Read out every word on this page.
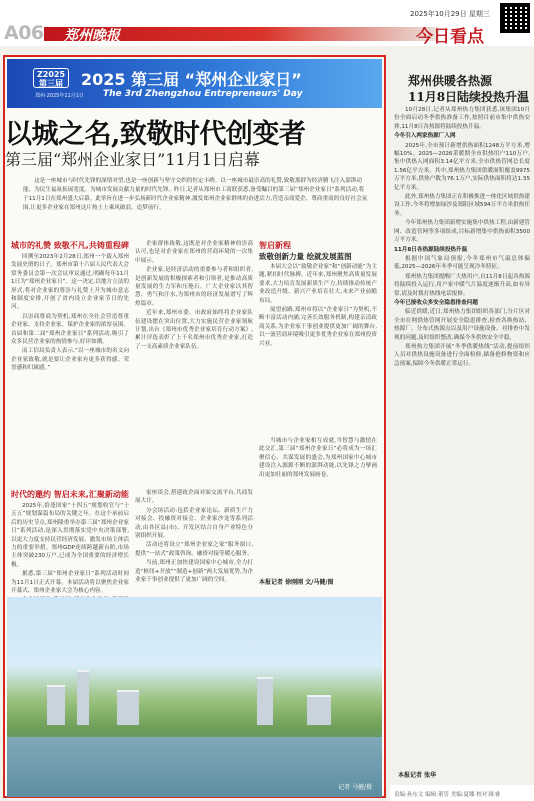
A06 郑州晚报
2025年10月29日 星期三
今日看点
Z2025
第三届
郑州·2025年11月1日
2025 第三届 “郑州企业家日”
The 3rd Zhengzhou Entrepreneurs' Day
以城之名,致敬时代创变者
第三届“郑州企业家日”11月1日启幕
这是一座城市与时代先锋的深情对望,也是一座创新与坚守交织的恒定丰碑。以一座城市最崇高的礼赞,致敬那群为经济腾飞注入澎湃动能、为民生福祉拓展宽度、为城市发展贡献力量的时代先锋。昨日,记者从郑州市工商联获悉,备受瞩目的第三届“郑州企业家日”系列活动,将于11月1日在郑州盛大启幕。此举旨在进一步弘扬新时代企业家精神,激发郑州企业家群体的奋进活力,营造亲商爱企、尊商重商的良好社会氛围,让更多企业家在郑州这片热土上乘风破浪、追梦前行。
城市的礼赞 致敬不凡,共铸重程碑

回溯至2023年2月28日,郑州一个载入郑州发展史册的日子。郑州市第十六届人民代表大会常务委员会第一次会议审议通过,明确每年11月1日为“郑州企业家日”。这一决定,以地方立法的形式,将对企业家的尊崇与礼赞上升为城市意志和制度安排,开创了省内设立企业家节日的先河。

以崇商尊商为契机,郑州在全社会营造尊重企业家、支持企业家、保护企业家的浓厚氛围。首届和第二届“郑州企业家日”系列活动,吸引了众多民营企业家的热情参与,好评如潮。

而工信局负责人表示,“以一座城市的名义向企业家致敬,就是要让企业家有更多获得感、荣誉感和归属感。”

企家群体致敬,这既是对企业家精神的崇高认可,也是对企业家在郑州的营商环境的一次集中展示。

企业家,是经济活动的重要参与者和组织者,是创新发展的积极探索者和引领者,是推动高质量发展的生力军和压舱石。广大企业家以其智慧、勇气和汗水,为郑州市的经济发展谱写了辉煌篇章。

近年来,郑州市委、市政府始终将企业家队伍建设摆在突出位置,大力实施民营企业家领航计划,出台《郑州市优秀企业家培育行动方案》,累计评选表彰了上千名郑州市优秀企业家,打造了一支高素质企业家队伍。

智启新程
致敬创新力量 绘就发展蓝图

本届大会以“致敬企业家”和“创新动能”为主题,紧扣时代脉搏。近年来,郑州聚焦高质量发展要求,大力培育发展新质生产力,持续推动传统产业改造升级、新兴产业培育壮大,未来产业前瞻布局。

展望前路,郑州市将以“企业家日”为契机,不断丰富活动内涵,完善长效服务机制,构建亲清政商关系,为企业家干事创业提供更加广阔的舞台,以一流营商环境吸引更多优秀企业家在郑州投资兴业。

时代的邀约 智启未来,汇聚新动能

2025年,恰逢国家“十四五”规划收官与“十五五”规划谋篇布局的关键之年。在这个承前启后的历史节点,郑州隆重举办第三届“郑州企业家日”系列活动,是深入贯彻落实党中央决策部署,以更大力度支持民营经济发展、激发市场主体活力的重要举措。郑州GDP连续跨越新台阶,市场主体突破230万户,已成为全国重要的经济增长极。

据悉,第三届“郑州企业家日”系列活动时间为11月1日正式开幕。本届活动将以聚焦企业家开幕式、郑州企业家大会为核心内容。

家座谈会,搭建政企面对面交流平台,共商发展大计。

分会场活动:包括企业家论坛、新质生产力对接会、投融资对接会、企业家沙龙等系列活动,由各区县(市)、开发区结合自身产业特色分别组织开展。

活动还将设立“郑州企业家之家”服务窗口,提供“一站式”政策咨询、融资对接等暖心服务。

当前,郑州正加快建设国家中心城市,全力打造“枢纽+开放”“制造+创新”两大发展优势,为企业家干事创业提供了更加广阔的空间。

当城市与企业家相互成就,当智慧与激情在此交汇,第三届“郑州企业家日”必将成为一场汇聚信心、共谋发展的盛会,为郑州国家中心城市建设注入源源不断的澎湃动能,以先锋之力擘画出更加壮丽的郑州发展画卷。

本报记者 徐刚刚 文/马健/图
记者 马健/摄
郑州供暖各热源
11月8日陆续投热升温

10月28日,记者从郑州热力集团获悉,该集团10月份全面启动冬季供热准备工作,按照目前市集中供热安排,11月8日各热源将陆续投热升温。

今冬引入两家热源厂入网

2025年,全市预计新增供热面积1248万平方米,增幅10%。2025—2026采暖期全市供热用户110万户,集中供热入网面积3.14亿平方米,全市供热管网总长度1.56亿平方米。其中,郑州热力集团供暖面积覆盖9975万平方米,供热户数为76.1万户,实际供热面积将达1.35亿平方米。

此外,郑州热力集团正在积极推进一体化区域供热建设工作,今冬将增加绿沙及郑阳区域594万平方米供热任务。

今年郑州热力集团新增实施集中供热工程,由新建管网、改造管网等多项组成,目标新增集中供热面积3500万平方米。

11月8日各热源陆续投热升温

根据中国气象局预报,今冬郑州市气温总体偏低,2025—2026年冬季可能呈现冷冬特征。

郑州热力集团提醒广大热用户,自11月8日起各热源将陆续投入运行,用户家中暖气片温度逐渐升高,如有异常,请及时拨打热线电话报修。

今年已接收众多安全隐患排查问题

临近供暖,近日,郑州热力集团组织各部门,分片区对全市在网供热管网开展安全隐患排查,检查各换热站、热源厂、分布式热源点以及用户设施设备。对排查中发现的问题,及时组织整改,确保今冬供热安全平稳。

郑州热力集团开展“冬季供暖热线”活动,提前组织人员对供热设施设备进行全面检修,储备抢修物资和应急预案,保障今冬供暖正常运行。

本报记者 张华
责编:孙东文 编辑:董管 美编:夏娜 校对:陈睿
